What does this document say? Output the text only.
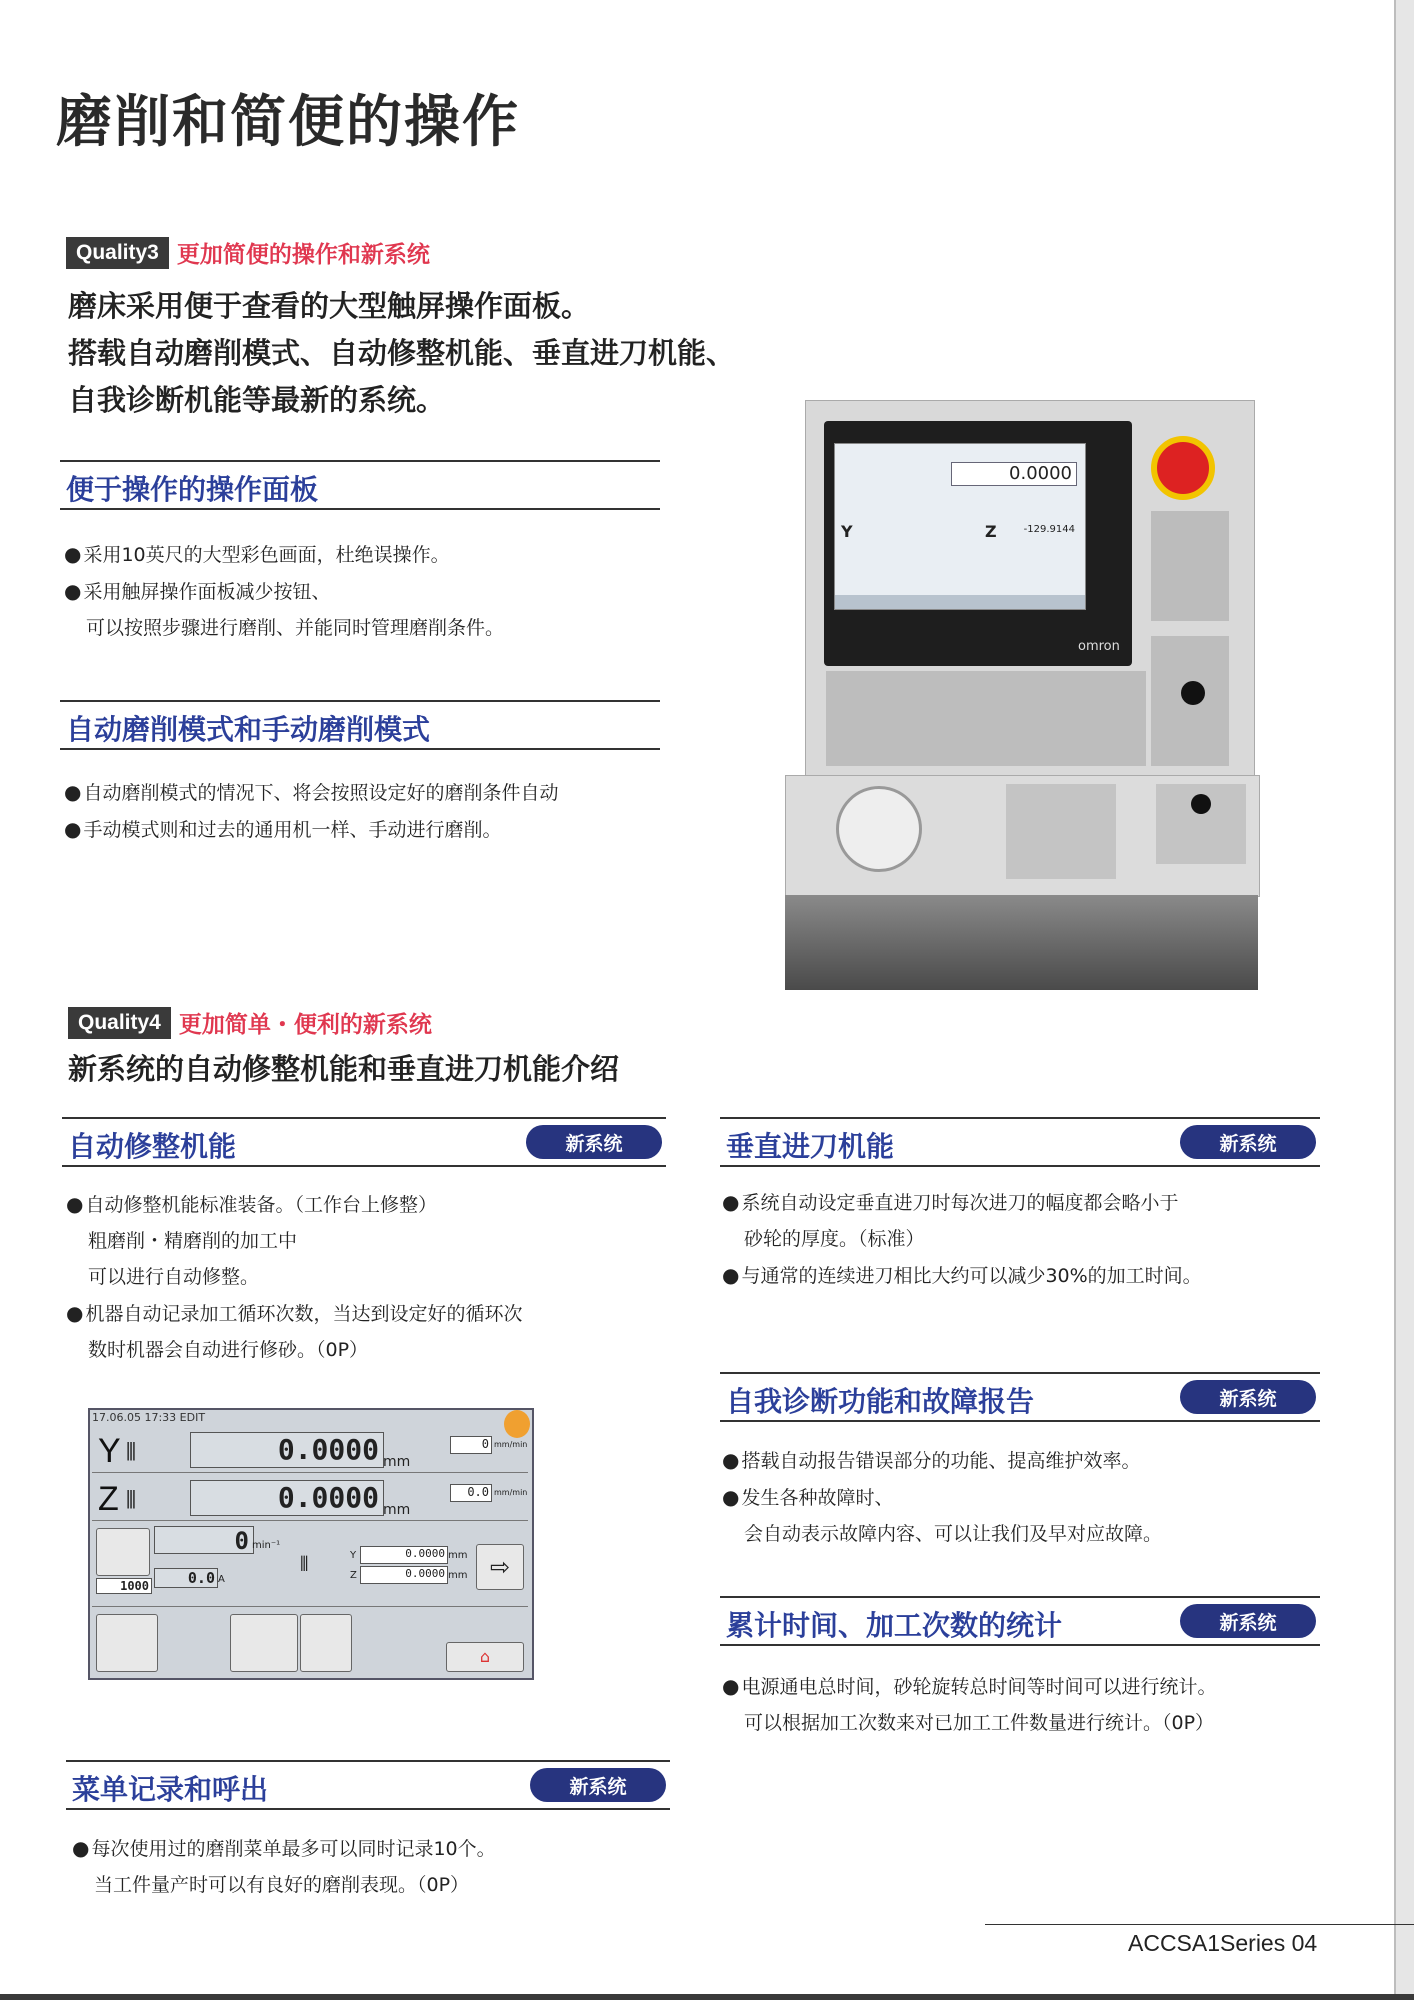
磨削和简便的操作
Quality3 更加简便的操作和新系统
磨床采用便于查看的大型触屏操作面板。
搭载自动磨削模式、自动修整机能、垂直进刀机能、
自我诊断机能等最新的系统。
便于操作的操作面板
● 采用10英尺的大型彩色画面，杜绝误操作。
● 采用触屏操作面板减少按钮、
可以按照步骤进行磨削、并能同时管理磨削条件。
自动磨削模式和手动磨削模式
● 自动磨削模式的情况下、将会按照设定好的磨削条件自动
● 手动模式则和过去的通用机一样、手动进行磨削。
0.0000
Y	Z	-129.9144
omron
Quality4 更加简单・便利的新系统
新系统的自动修整机能和垂直进刀机能介绍
自动修整机能	新系统
● 自动修整机能标准装备。（工作台上修整）
粗磨削・精磨削的加工中
可以进行自动修整。
● 机器自动记录加工循环次数，当达到设定好的循环次
数时机器会自动进行修砂。（0P）
17.06.05 17:33 EDIT
Y ⫴	0.0000 mm
0 mm/min
Z ⫴	0.0000 mm
0.0 mm/min
0 min⁻¹
1000	0.0 A
⫴	Y	0.0000 mm
Z	0.0000 mm ⇨
⌂
菜单记录和呼出	新系统
● 每次使用过的磨削菜单最多可以同时记录10个。
当工件量产时可以有良好的磨削表现。（0P）
垂直进刀机能	新系统
● 系统自动设定垂直进刀时每次进刀的幅度都会略小于
砂轮的厚度。（标准）
● 与通常的连续进刀相比大约可以减少30%的加工时间。
自我诊断功能和故障报告	新系统
● 搭载自动报告错误部分的功能、提高维护效率。
● 发生各种故障时、
会自动表示故障内容、可以让我们及早对应故障。
累计时间、加工次数的统计	新系统
● 电源通电总时间，砂轮旋转总时间等时间可以进行统计。
可以根据加工次数来对已加工工件数量进行统计。（0P）
ACCSA1Series 04
